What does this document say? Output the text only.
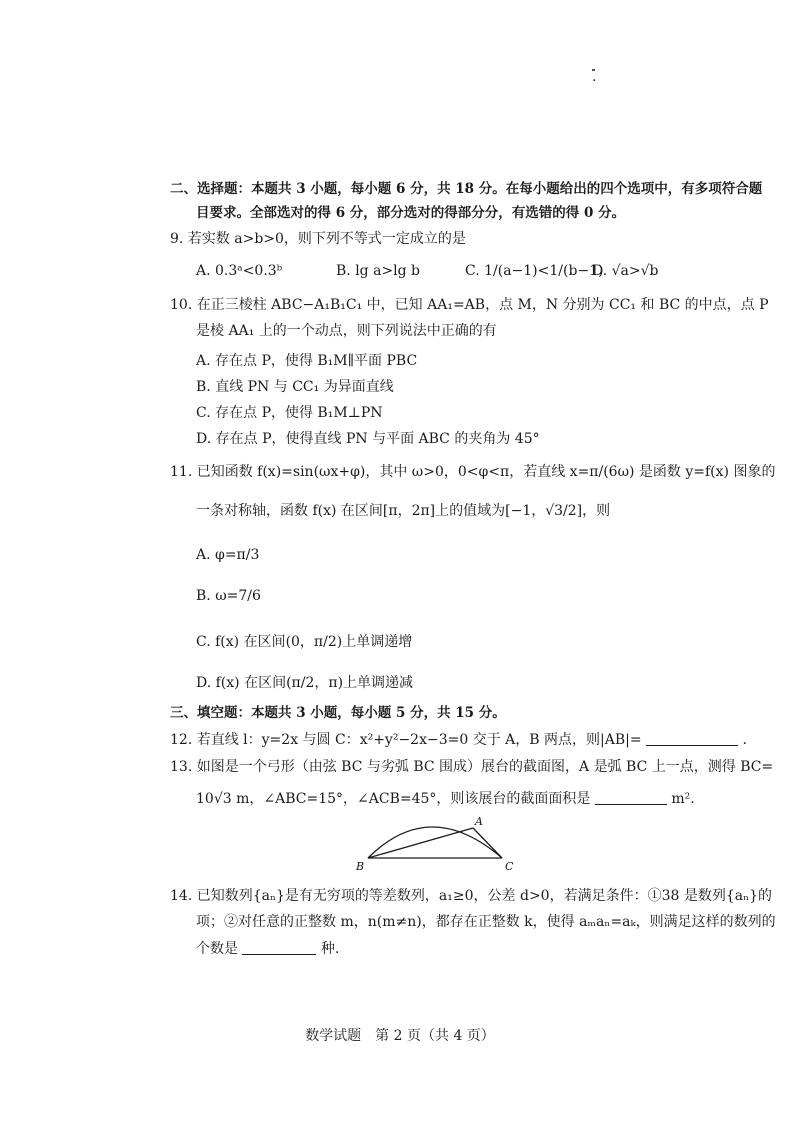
.
二、选择题：本题共 3 小题，每小题 6 分，共 18 分。在每小题给出的四个选项中，有多项符合题
目要求。全部选对的得 6 分，部分选对的得部分分，有选错的得 0 分。
9. 若实数 a>b>0，则下列不等式一定成立的是
A. 0.3ᵃ<0.3ᵇ	B. lg a>lg b	C. 1/(a−1)<1/(b−1)
D. √a>√b
10. 在正三棱柱 ABC−A₁B₁C₁ 中，已知 AA₁=AB，点 M，N 分别为 CC₁ 和 BC 的中点，点 P
是棱 AA₁ 上的一个动点，则下列说法中正确的有
A. 存在点 P，使得 B₁M∥平面 PBC
B. 直线 PN 与 CC₁ 为异面直线
C. 存在点 P，使得 B₁M⊥PN
D. 存在点 P，使得直线 PN 与平面 ABC 的夹角为 45°
11. 已知函数 f(x)=sin(ωx+φ)，其中 ω>0，0<φ<π，若直线 x=π/(6ω) 是函数 y=f(x) 图象的
一条对称轴，函数 f(x) 在区间[π，2π]上的值域为[−1，√3/2]，则
A. φ=π/3
B. ω=7/6
C. f(x) 在区间(0，π/2)上单调递增
D. f(x) 在区间(π/2，π)上单调递减
三、填空题：本题共 3 小题，每小题 5 分，共 15 分。
12. 若直线 l：y=2x 与圆 C：x²+y²−2x−3=0 交于 A，B 两点，则|AB|=	.
13. 如图是一个弓形（由弦 BC 与劣弧 BC 围成）展台的截面图，A 是弧 BC 上一点，测得 BC=
10√3 m，∠ABC=15°，∠ACB=45°，则该展台的截面面积是	m².
A
B	C
14. 已知数列{aₙ}是有无穷项的等差数列，a₁≥0，公差 d>0，若满足条件：①38 是数列{aₙ}的
项；②对任意的正整数 m，n(m≠n)，都存在正整数 k，使得 aₘaₙ=aₖ，则满足这样的数列的
个数是	种.
数学试题　第 2 页（共 4 页）
